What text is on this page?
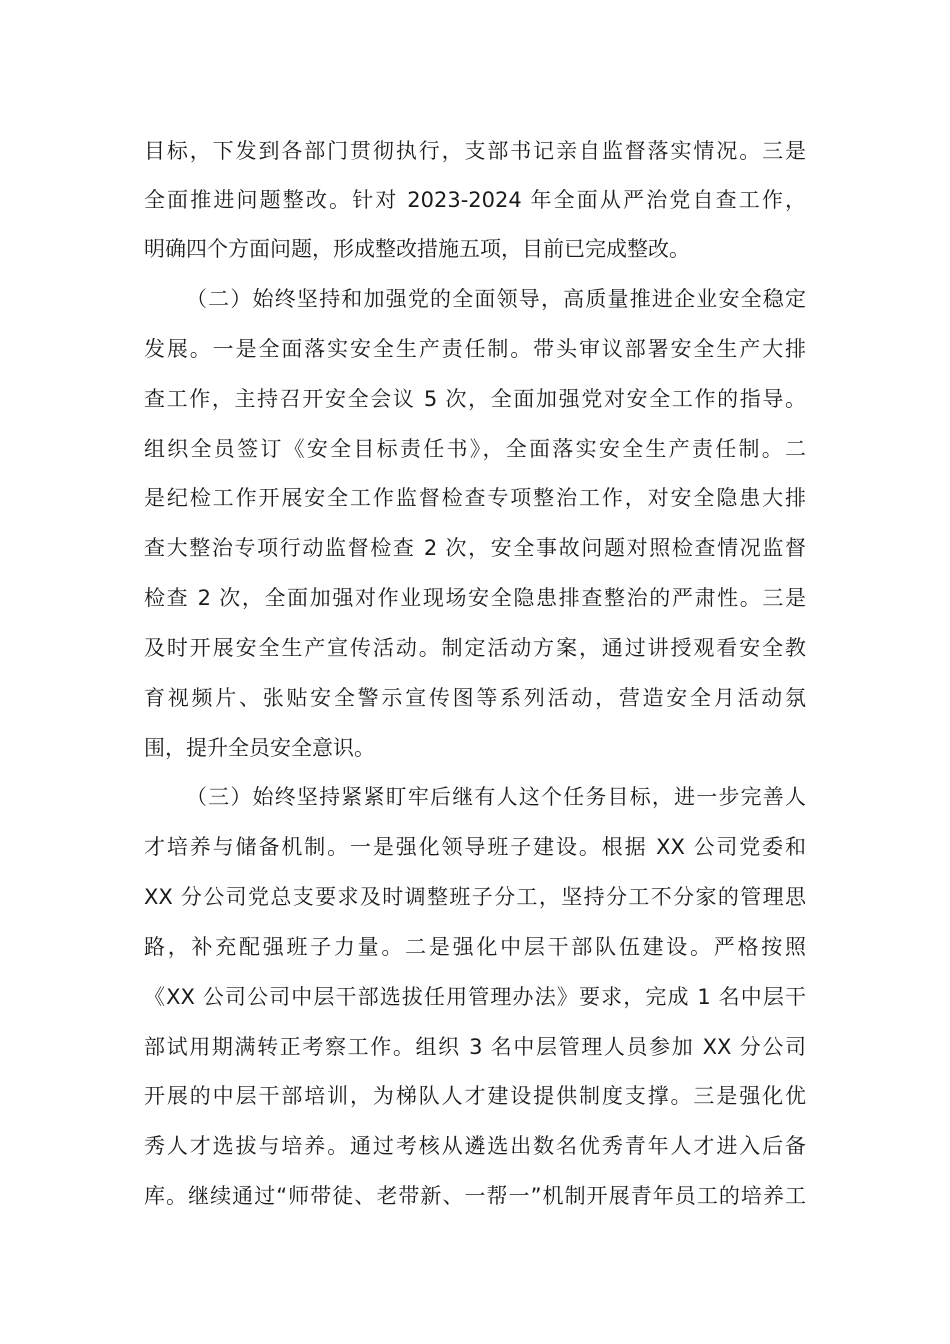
目标，下发到各部门贯彻执行，支部书记亲自监督落实情况。三是
全面推进问题整改。针对 2023-2024 年全面从严治党自查工作，
明确四个方面问题，形成整改措施五项，目前已完成整改。
（二）始终坚持和加强党的全面领导，高质量推进企业安全稳定
发展。一是全面落实安全生产责任制。带头审议部署安全生产大排
查工作，主持召开安全会议 5 次，全面加强党对安全工作的指导。
组织全员签订《安全目标责任书》，全面落实安全生产责任制。二
是纪检工作开展安全工作监督检查专项整治工作，对安全隐患大排
查大整治专项行动监督检查 2 次，安全事故问题对照检查情况监督
检查 2 次，全面加强对作业现场安全隐患排查整治的严肃性。三是
及时开展安全生产宣传活动。制定活动方案，通过讲授观看安全教
育视频片、张贴安全警示宣传图等系列活动，营造安全月活动氛
围，提升全员安全意识。
（三）始终坚持紧紧盯牢后继有人这个任务目标，进一步完善人
才培养与储备机制。一是强化领导班子建设。根据 XX 公司党委和
XX 分公司党总支要求及时调整班子分工，坚持分工不分家的管理思
路，补充配强班子力量。二是强化中层干部队伍建设。严格按照
《XX 公司公司中层干部选拔任用管理办法》要求，完成 1 名中层干
部试用期满转正考察工作。组织 3 名中层管理人员参加 XX 分公司
开展的中层干部培训，为梯队人才建设提供制度支撑。三是强化优
秀人才选拔与培养。通过考核从遴选出数名优秀青年人才进入后备
库。继续通过“师带徒、老带新、一帮一”机制开展青年员工的培养工
